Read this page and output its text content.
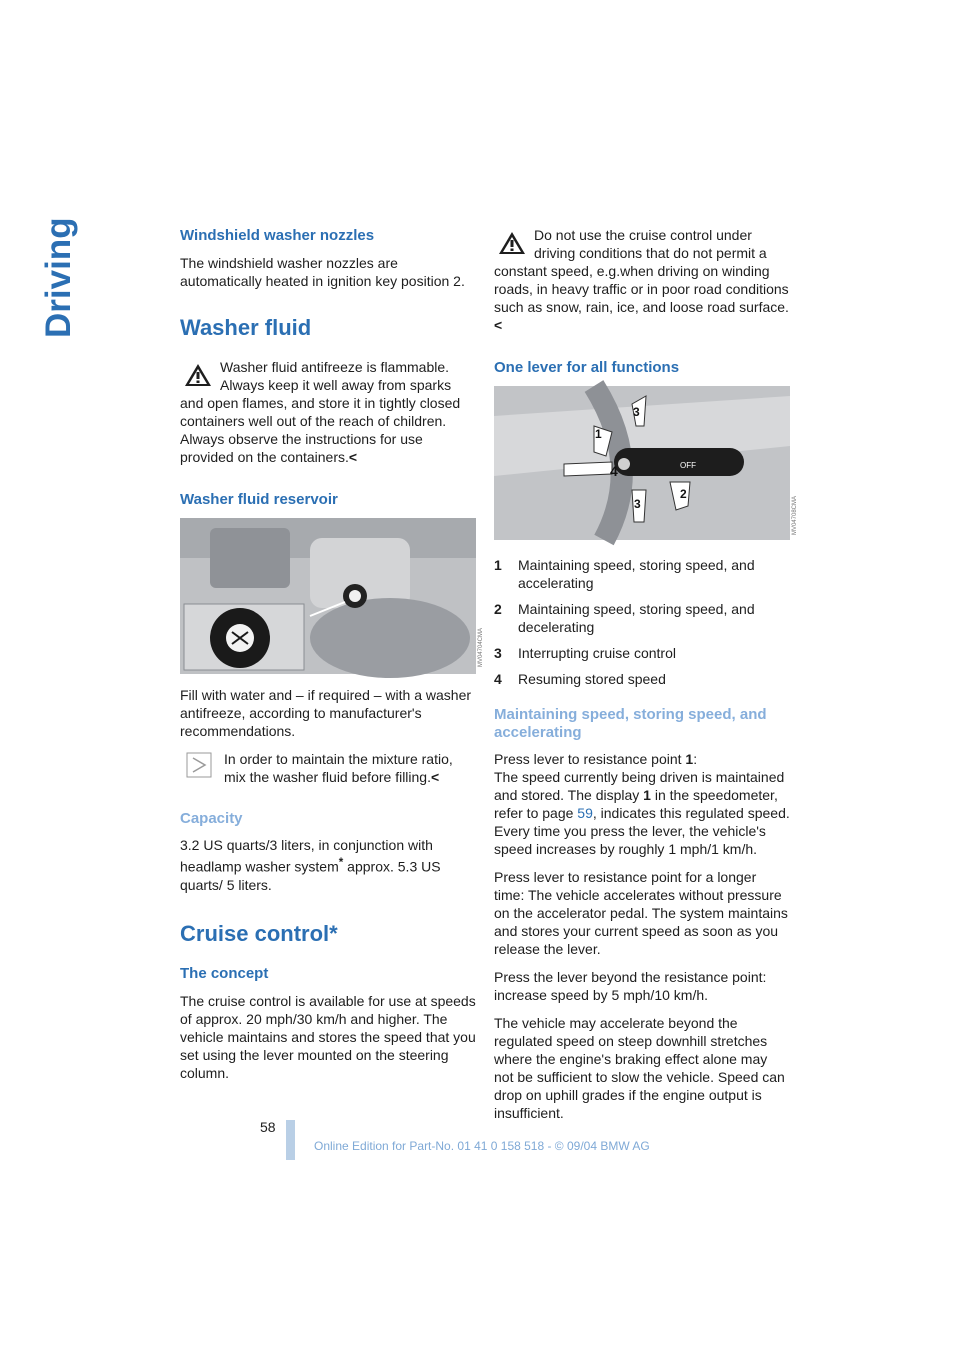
Driving	Windshield washer nozzles

The windshield washer nozzles are automatically heated in ignition key position 2.

Washer fluid

Washer fluid antifreeze is flammable. Always keep it well away from sparks and open flames, and store it in tightly closed containers well out of the reach of children. Always observe the instructions for use provided on the containers.<

Washer fluid reservoir
MV04704CMA

Fill with water and – if required – with a washer antifreeze, according to manufacturer's recommendations.

In order to maintain the mixture ratio, mix the washer fluid before filling.<

Capacity

3.2 US quarts/3 liters, in conjunction with headlamp washer system* approx. 5.3 US quarts/ 5 liters.

Cruise control*
The concept

The cruise control is available for use at speeds of approx. 20 mph/30 km/h and higher. The vehicle maintains and stores the speed that you set using the lever mounted on the steering column.

Do not use the cruise control under driving conditions that do not permit a constant speed, e.g.when driving on winding roads, in heavy traffic or in poor road conditions such as snow, rain, ice, and loose road surface.<

One lever for all functions
OFF
3
1
4
2
3	MV04708CMA
1	Maintaining speed, storing speed, and accelerating
2	Maintaining speed, storing speed, and decelerating
3	Interrupting cruise control
4	Resuming stored speed
Maintaining speed, storing speed, and accelerating

Press lever to resistance point 1:

The speed currently being driven is maintained and stored. The display 1 in the speedometer, refer to page 59, indicates this regulated speed. Every time you press the lever, the vehicle's speed increases by roughly 1 mph/1 km/h.

Press lever to resistance point for a longer time: The vehicle accelerates without pressure on the accelerator pedal. The system maintains and stores your current speed as soon as you release the lever.

Press the lever beyond the resistance point: increase speed by 5 mph/10 km/h.

The vehicle may accelerate beyond the regulated speed on steep downhill stretches where the engine's braking effect alone may not be sufficient to slow the vehicle. Speed can drop on uphill grades if the engine output is insufficient.

58
Online Edition for Part-No. 01 41 0 158 518 - © 09/04 BMW AG
